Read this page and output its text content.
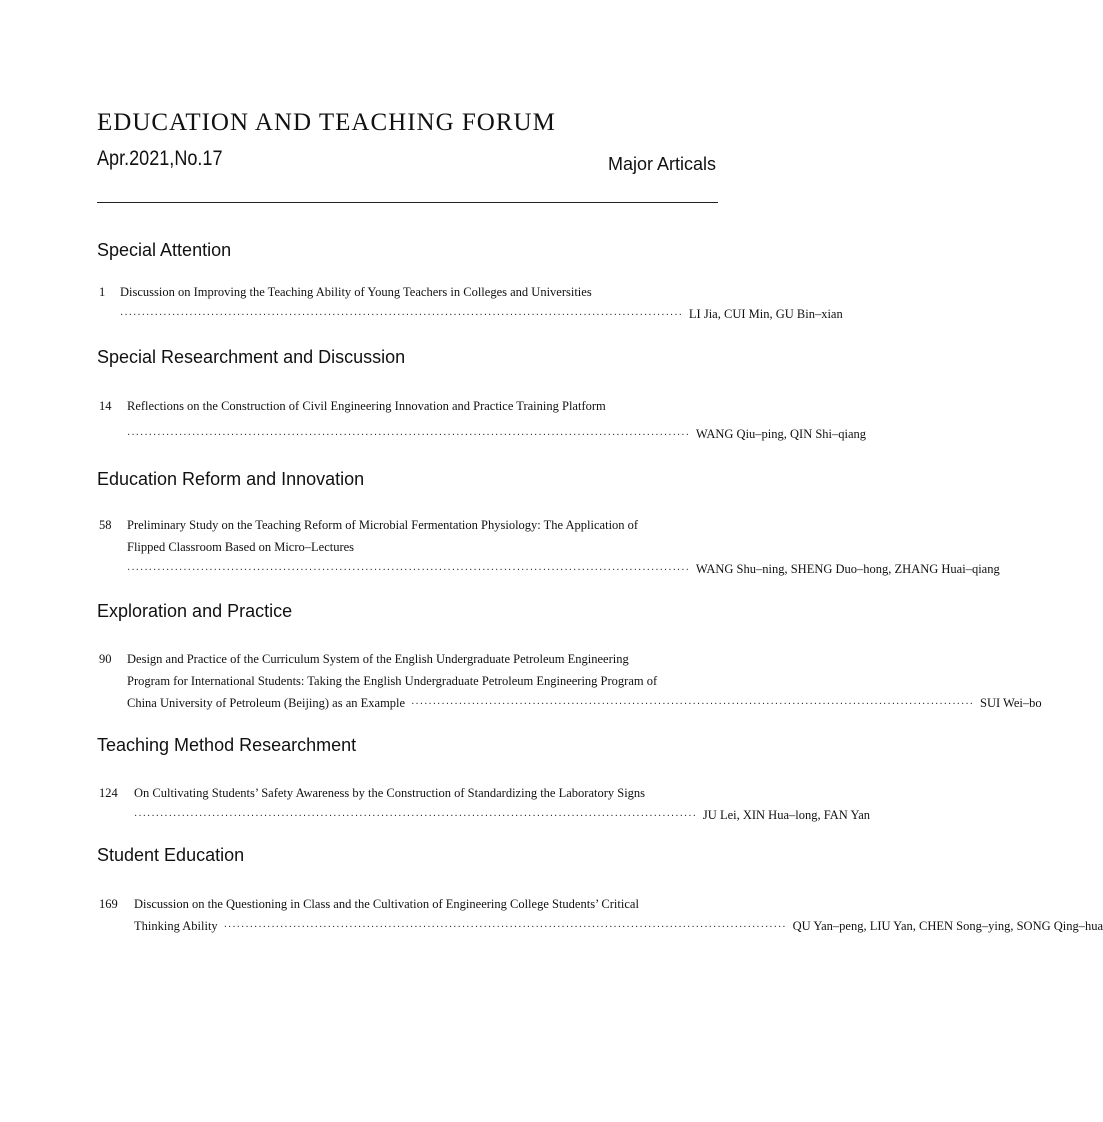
EDUCATION AND TEACHING FORUM
Apr.2021,No.17	Major Articals
Special Attention
1 Discussion on Improving the Teaching Ability of Young Teachers in Colleges and Universities
·································································································································· LI Jia, CUI Min, GU Bin–xian
Special Researchment and Discussion
14 Reflections on the Construction of Civil Engineering Innovation and Practice Training Platform
·································································································································· WANG Qiu–ping, QIN Shi–qiang
Education Reform and Innovation
58 Preliminary Study on the Teaching Reform of Microbial Fermentation Physiology: The Application of
Flipped Classroom Based on Micro–Lectures
·································································································································· WANG Shu–ning, SHENG Duo–hong, ZHANG Huai–qiang
Exploration and Practice
90 Design and Practice of the Curriculum System of the English Undergraduate Petroleum Engineering
Program for International Students: Taking the English Undergraduate Petroleum Engineering Program of
China University of Petroleum (Beijing) as an Example ·································································································································· SUI Wei–bo
Teaching Method Researchment
124 On Cultivating Students’ Safety Awareness by the Construction of Standardizing the Laboratory Signs
·································································································································· JU Lei, XIN Hua–long, FAN Yan
Student Education
169 Discussion on the Questioning in Class and the Cultivation of Engineering College Students’ Critical
Thinking Ability ·································································································································· QU Yan–peng, LIU Yan, CHEN Song–ying, SONG Qing–hua
